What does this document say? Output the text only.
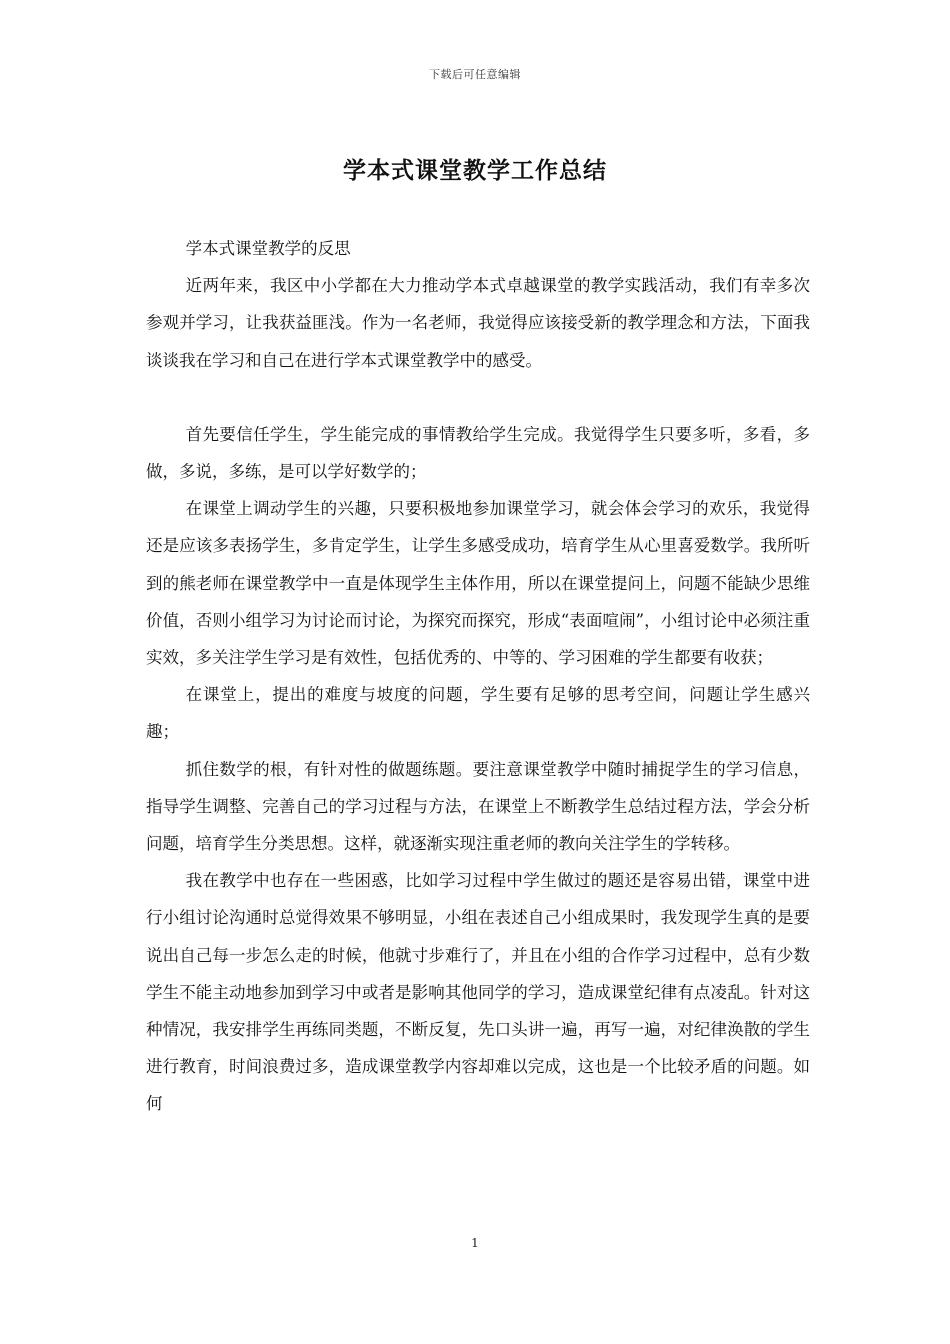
下载后可任意编辑
学本式课堂教学工作总结

学本式课堂教学的反思

近两年来，我区中小学都在大力推动学本式卓越课堂的教学实践活动，我们有幸多次参观并学习，让我获益匪浅。作为一名老师，我觉得应该接受新的教学理念和方法，下面我谈谈我在学习和自己在进行学本式课堂教学中的感受。

首先要信任学生，学生能完成的事情教给学生完成。我觉得学生只要多听，多看，多做，多说，多练，是可以学好数学的；

在课堂上调动学生的兴趣，只要积极地参加课堂学习，就会体会学习的欢乐，我觉得还是应该多表扬学生，多肯定学生，让学生多感受成功，培育学生从心里喜爱数学。我所听到的熊老师在课堂教学中一直是体现学生主体作用，所以在课堂提问上，问题不能缺少思维价值，否则小组学习为讨论而讨论，为探究而探究，形成“表面喧闹”，小组讨论中必须注重实效，多关注学生学习是有效性，包括优秀的、中等的、学习困难的学生都要有收获；

在课堂上，提出的难度与坡度的问题，学生要有足够的思考空间，问题让学生感兴趣；

抓住数学的根，有针对性的做题练题。要注意课堂教学中随时捕捉学生的学习信息，指导学生调整、完善自己的学习过程与方法，在课堂上不断教学生总结过程方法，学会分析问题，培育学生分类思想。这样，就逐渐实现注重老师的教向关注学生的学转移。

我在教学中也存在一些困惑，比如学习过程中学生做过的题还是容易出错，课堂中进行小组讨论沟通时总觉得效果不够明显，小组在表述自己小组成果时，我发现学生真的是要说出自己每一步怎么走的时候，他就寸步难行了，并且在小组的合作学习过程中，总有少数学生不能主动地参加到学习中或者是影响其他同学的学习，造成课堂纪律有点凌乱。针对这种情况，我安排学生再练同类题，不断反复，先口头讲一遍，再写一遍，对纪律涣散的学生进行教育，时间浪费过多，造成课堂教学内容却难以完成，这也是一个比较矛盾的问题。如何

1
